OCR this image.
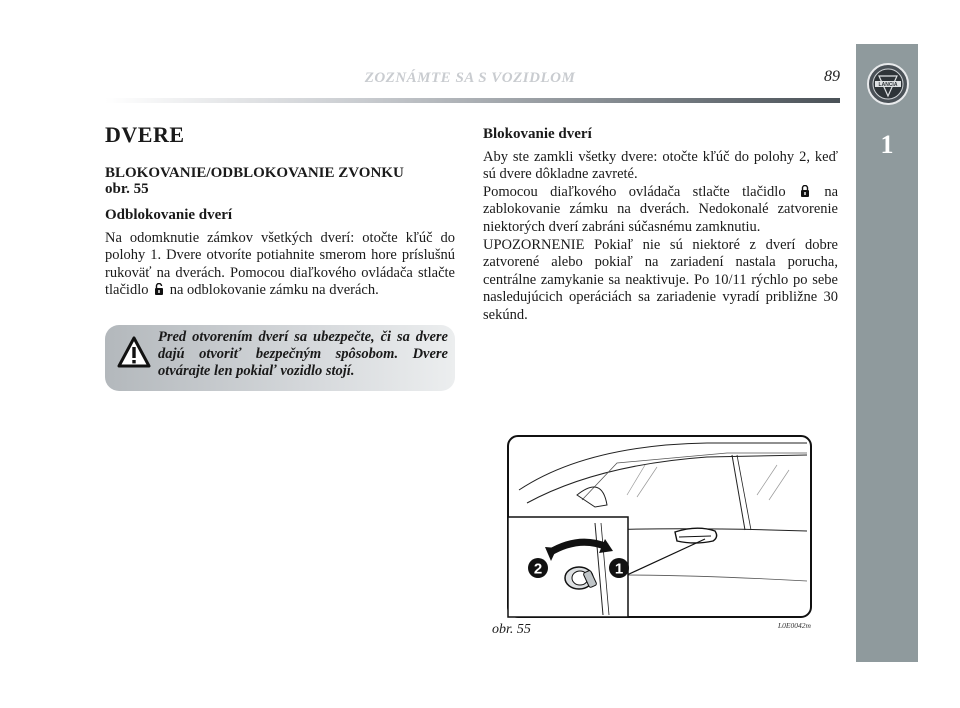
ZOZNÁMTE SA S VOZIDLOM	89	LANCIA
1
DVERE
BLOKOVANIE/ODBLOKOVANIE ZVONKU
obr. 55
Odblokovanie dverí
Na odomknutie zámkov všetkých dverí: otočte kľúč do polohy 1. Dvere otvoríte potiahnite smerom hore príslušnú rukoväť na dverách. Pomocou diaľkového ovládača stlačte tlačidlo na odblokovanie zámku na dverách.
Pred otvorením dverí sa ubezpečte, či sa dvere dajú otvoriť bezpečným spôsobom. Dvere otvárajte len pokiaľ vozidlo stojí.
Blokovanie dverí
Aby ste zamkli všetky dvere: otočte kľúč do polohy 2, keď sú dvere dôkladne zavreté.
Pomocou diaľkového ovládača stlačte tlačidlo	na zablokovanie zámku na dverách. Nedokonalé zatvorenie niektorých dverí zabráni súčasnému zamknutiu.
UPOZORNENIE Pokiaľ nie sú niektoré z dverí dobre zatvorené alebo pokiaľ na zariadení nastala porucha, centrálne zamykanie sa neaktivuje. Po 10/11 rýchlo po sebe nasledujúcich operáciách sa zariadenie vyradí približne 30 sekúnd.
2	1
obr. 55	L0E0042m
